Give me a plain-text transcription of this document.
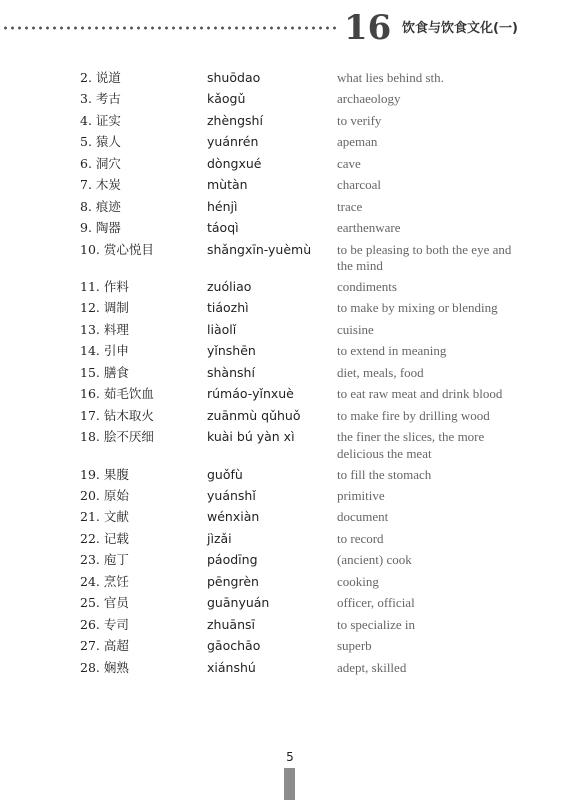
16 饮食与饮食文化(一)
2. 说道	shuōdao	what lies behind sth.
3. 考古	kǎogǔ	archaeology
4. 证实	zhèngshí	to verify
5. 猿人	yuánrén	apeman
6. 洞穴	dòngxué	cave
7. 木炭	mùtàn	charcoal
8. 痕迹	hénjì	trace
9. 陶器	táoqì	earthenware
10. 赏心悦目	shǎngxīn-yuèmù	to be pleasing to both the eye and the mind
11. 作料	zuóliao	condiments
12. 调制	tiáozhì	to make by mixing or blending
13. 料理	liàolǐ	cuisine
14. 引申	yǐnshēn	to extend in meaning
15. 膳食	shànshí	diet, meals, food
16. 茹毛饮血	rúmáo-yǐnxuè	to eat raw meat and drink blood
17. 钻木取火	zuānmù qǔhuǒ	to make fire by drilling wood
18. 脍不厌细	kuài bú yàn xì	the finer the slices, the more delicious the meat
19. 果腹	guǒfù	to fill the stomach
20. 原始	yuánshǐ	primitive
21. 文献	wénxiàn	document
22. 记载	jìzǎi	to record
23. 庖丁	páodīng	(ancient) cook
24. 烹饪	pēngrèn	cooking
25. 官员	guānyuán	officer, official
26. 专司	zhuānsī	to specialize in
27. 高超	gāochāo	superb
28. 娴熟	xiánshú	adept, skilled
5
